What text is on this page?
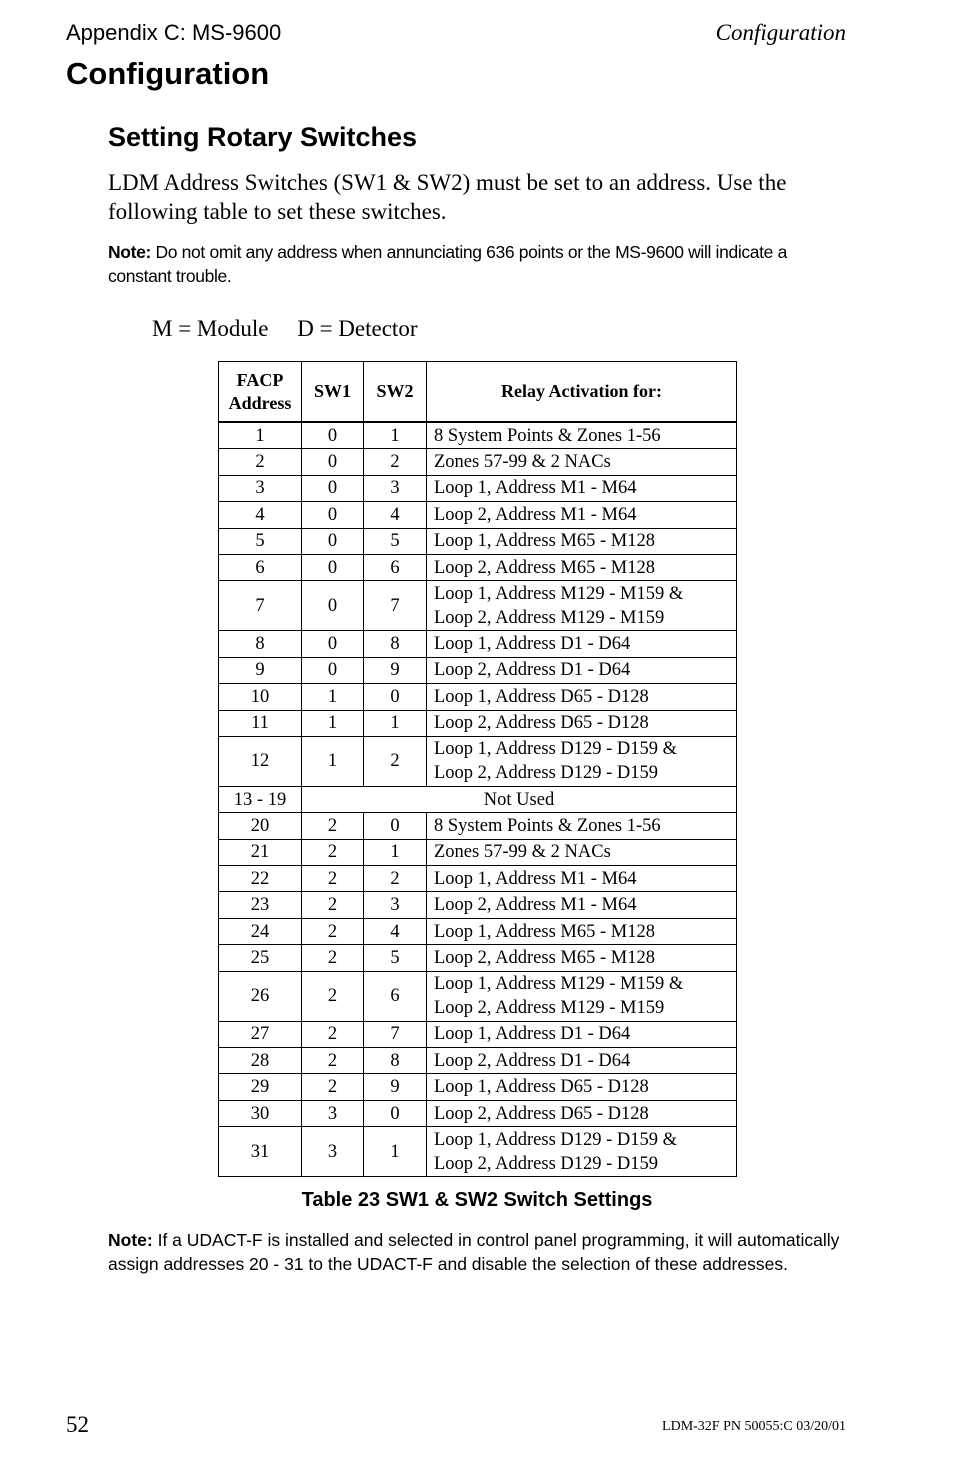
Appendix C: MS-9600	Configuration
Configuration
Setting Rotary Switches
LDM Address Switches (SW1 & SW2) must be set to an address. Use the following table to set these switches.
Note: Do not omit any address when annunciating 636 points or the MS-9600 will indicate a constant trouble.
M = Module     D = Detector
FACP
Address	SW1	SW2	Relay Activation for:
1	0	1	8 System Points & Zones 1-56

2	0	2	Zones 57-99 & 2 NACs

3	0	3	Loop 1, Address M1 - M64

4	0	4	Loop 2, Address M1 - M64

5	0	5	Loop 1, Address M65 - M128

6	0	6	Loop 2, Address M65 - M128

7	0	7	Loop 1, Address M129 - M159 &
Loop 2, Address M129 - M159

8	0	8	Loop 1, Address D1 - D64

9	0	9	Loop 2, Address D1 - D64

10	1	0	Loop 1, Address D65 - D128

11	1	1	Loop 2, Address D65 - D128

12	1	2	Loop 1, Address D129 - D159 &
Loop 2, Address D129 - D159

13 - 19	Not Used		
20	2	0	8 System Points & Zones 1-56

21	2	1	Zones 57-99 & 2 NACs

22	2	2	Loop 1, Address M1 - M64

23	2	3	Loop 2, Address M1 - M64

24	2	4	Loop 1, Address M65 - M128

25	2	5	Loop 2, Address M65 - M128

26	2	6	Loop 1, Address M129 - M159 &
Loop 2, Address M129 - M159

27	2	7	Loop 1, Address D1 - D64

28	2	8	Loop 2, Address D1 - D64

29	2	9	Loop 1, Address D65 - D128

30	3	0	Loop 2, Address D65 - D128

31	3	1	Loop 1, Address D129 - D159 &
Loop 2, Address D129 - D159
Table 23 SW1 & SW2 Switch Settings
Note: If a UDACT-F is installed and selected in control panel programming, it will automatically assign addresses 20 - 31 to the UDACT-F and disable the selection of these addresses.
52	LDM-32F PN 50055:C 03/20/01
